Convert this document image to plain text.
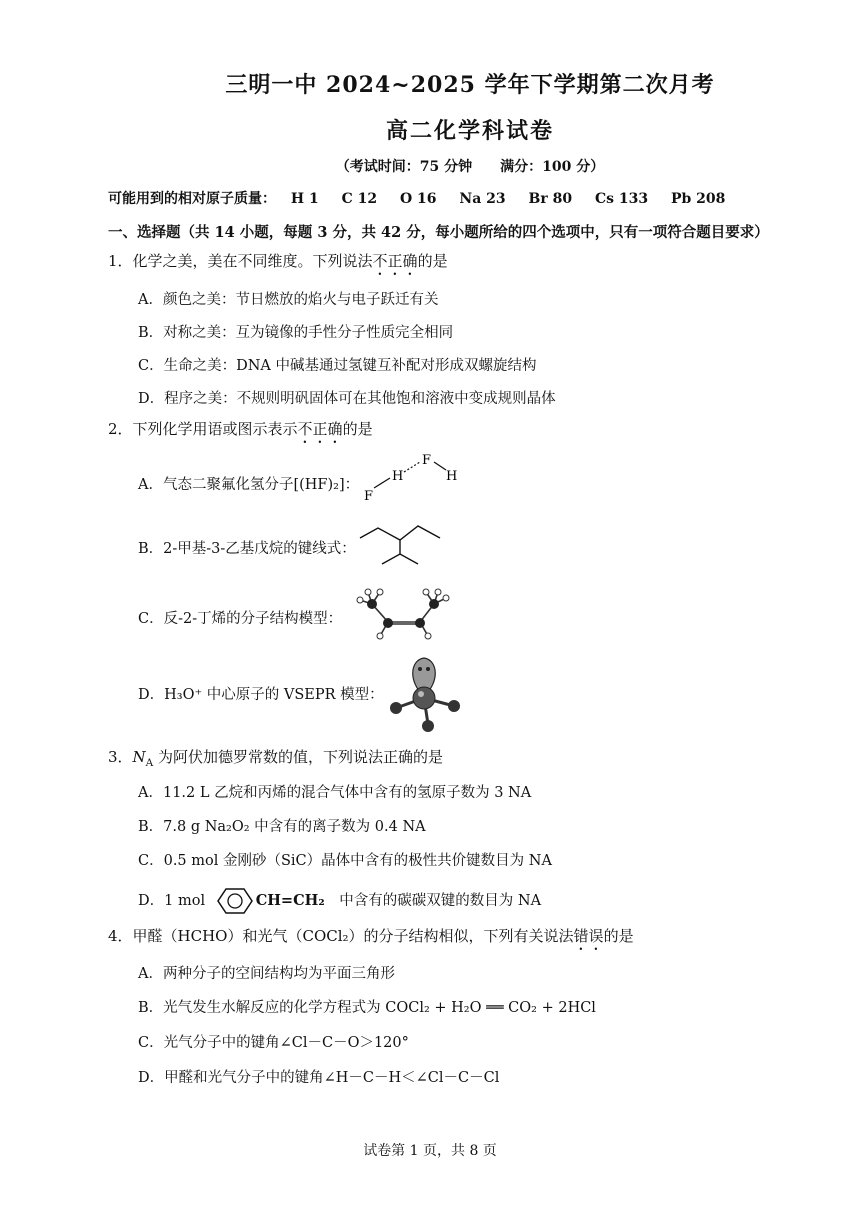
三明一中 2024~2025 学年下学期第二次月考
高二化学科试卷
（考试时间：75 分钟　　满分：100 分）
可能用到的相对原子质量： H 1 C 12 O 16 Na 23 Br 80 Cs 133 Pb 208
一、选择题（共 14 小题，每题 3 分，共 42 分，每小题所给的四个选项中，只有一项符合题目要求）
1．化学之美，美在不同维度。下列说法不正确的是
A．颜色之美：节日燃放的焰火与电子跃迁有关
B．对称之美：互为镜像的手性分子性质完全相同
C．生命之美：DNA 中碱基通过氢键互补配对形成双螺旋结构
D．程序之美：不规则明矾固体可在其他饱和溶液中变成规则晶体
2．下列化学用语或图示表示不正确的是
A．气态二聚氟化氢分子[(HF)₂]：
F
H
F
H
B．2-甲基-3-乙基戊烷的键线式：
C．反-2-丁烯的分子结构模型：
D．H₃O⁺ 中心原子的 VSEPR 模型：
3．$N_A$ 为阿伏加德罗常数的值，下列说法正确的是
A．11.2 L 乙烷和丙烯的混合气体中含有的氢原子数为 3 NA
B．7.8 g Na₂O₂ 中含有的离子数为 0.4 NA
C．0.5 mol 金刚砂（SiC）晶体中含有的极性共价键数目为 NA
D．1 mol	CH=CH₂ 中含有的碳碳双键的数目为 NA
4．甲醛（HCHO）和光气（COCl₂）的分子结构相似，下列有关说法错误的是
A．两种分子的空间结构均为平面三角形
B．光气发生水解反应的化学方程式为 COCl₂ + H₂O ══ CO₂ + 2HCl
C．光气分子中的键角∠Cl－C－O＞120°
D．甲醛和光气分子中的键角∠H－C－H＜∠Cl－C－Cl
试卷第 1 页，共 8 页
